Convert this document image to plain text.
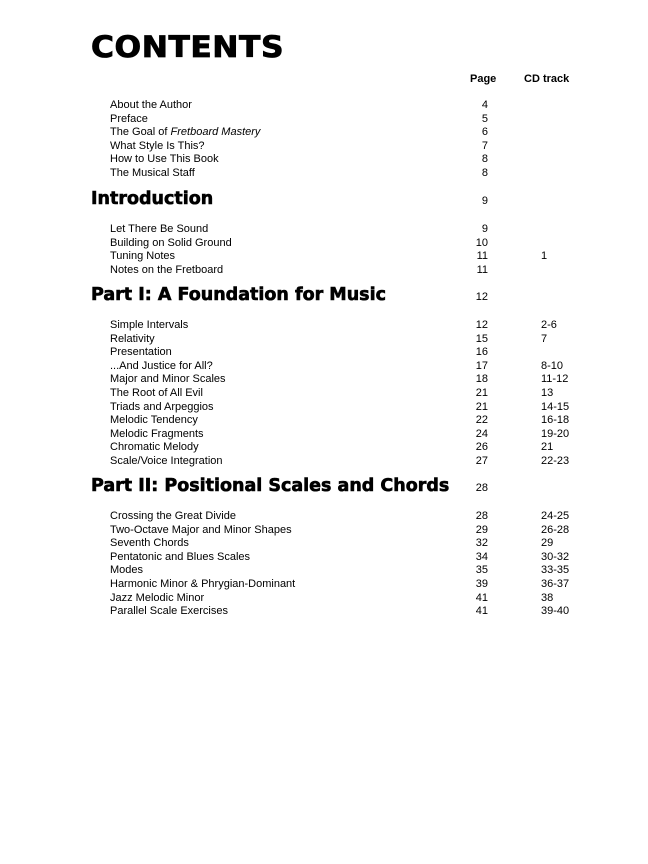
CONTENTS
Page	CD track
About the Author	4
Preface	5
The Goal of Fretboard Mastery	6
What Style Is This?	7
How to Use This Book	8
The Musical Staff	8
Introduction	9
Let There Be Sound	9
Building on Solid Ground	10
Tuning Notes	11	1
Notes on the Fretboard	11
Part I: A Foundation for Music	12
Simple Intervals	12	2-6
Relativity	15	7
Presentation	16
...And Justice for All?	17	8-10
Major and Minor Scales	18	11-12
The Root of All Evil	21	13
Triads and Arpeggios	21	14-15
Melodic Tendency	22	16-18
Melodic Fragments	24	19-20
Chromatic Melody	26	21
Scale/Voice Integration	27	22-23
Part II: Positional Scales and Chords	28
Crossing the Great Divide	28	24-25
Two-Octave Major and Minor Shapes	29	26-28
Seventh Chords	32	29
Pentatonic and Blues Scales	34	30-32
Modes	35	33-35
Harmonic Minor & Phrygian-Dominant	39	36-37
Jazz Melodic Minor	41	38
Parallel Scale Exercises	41	39-40
